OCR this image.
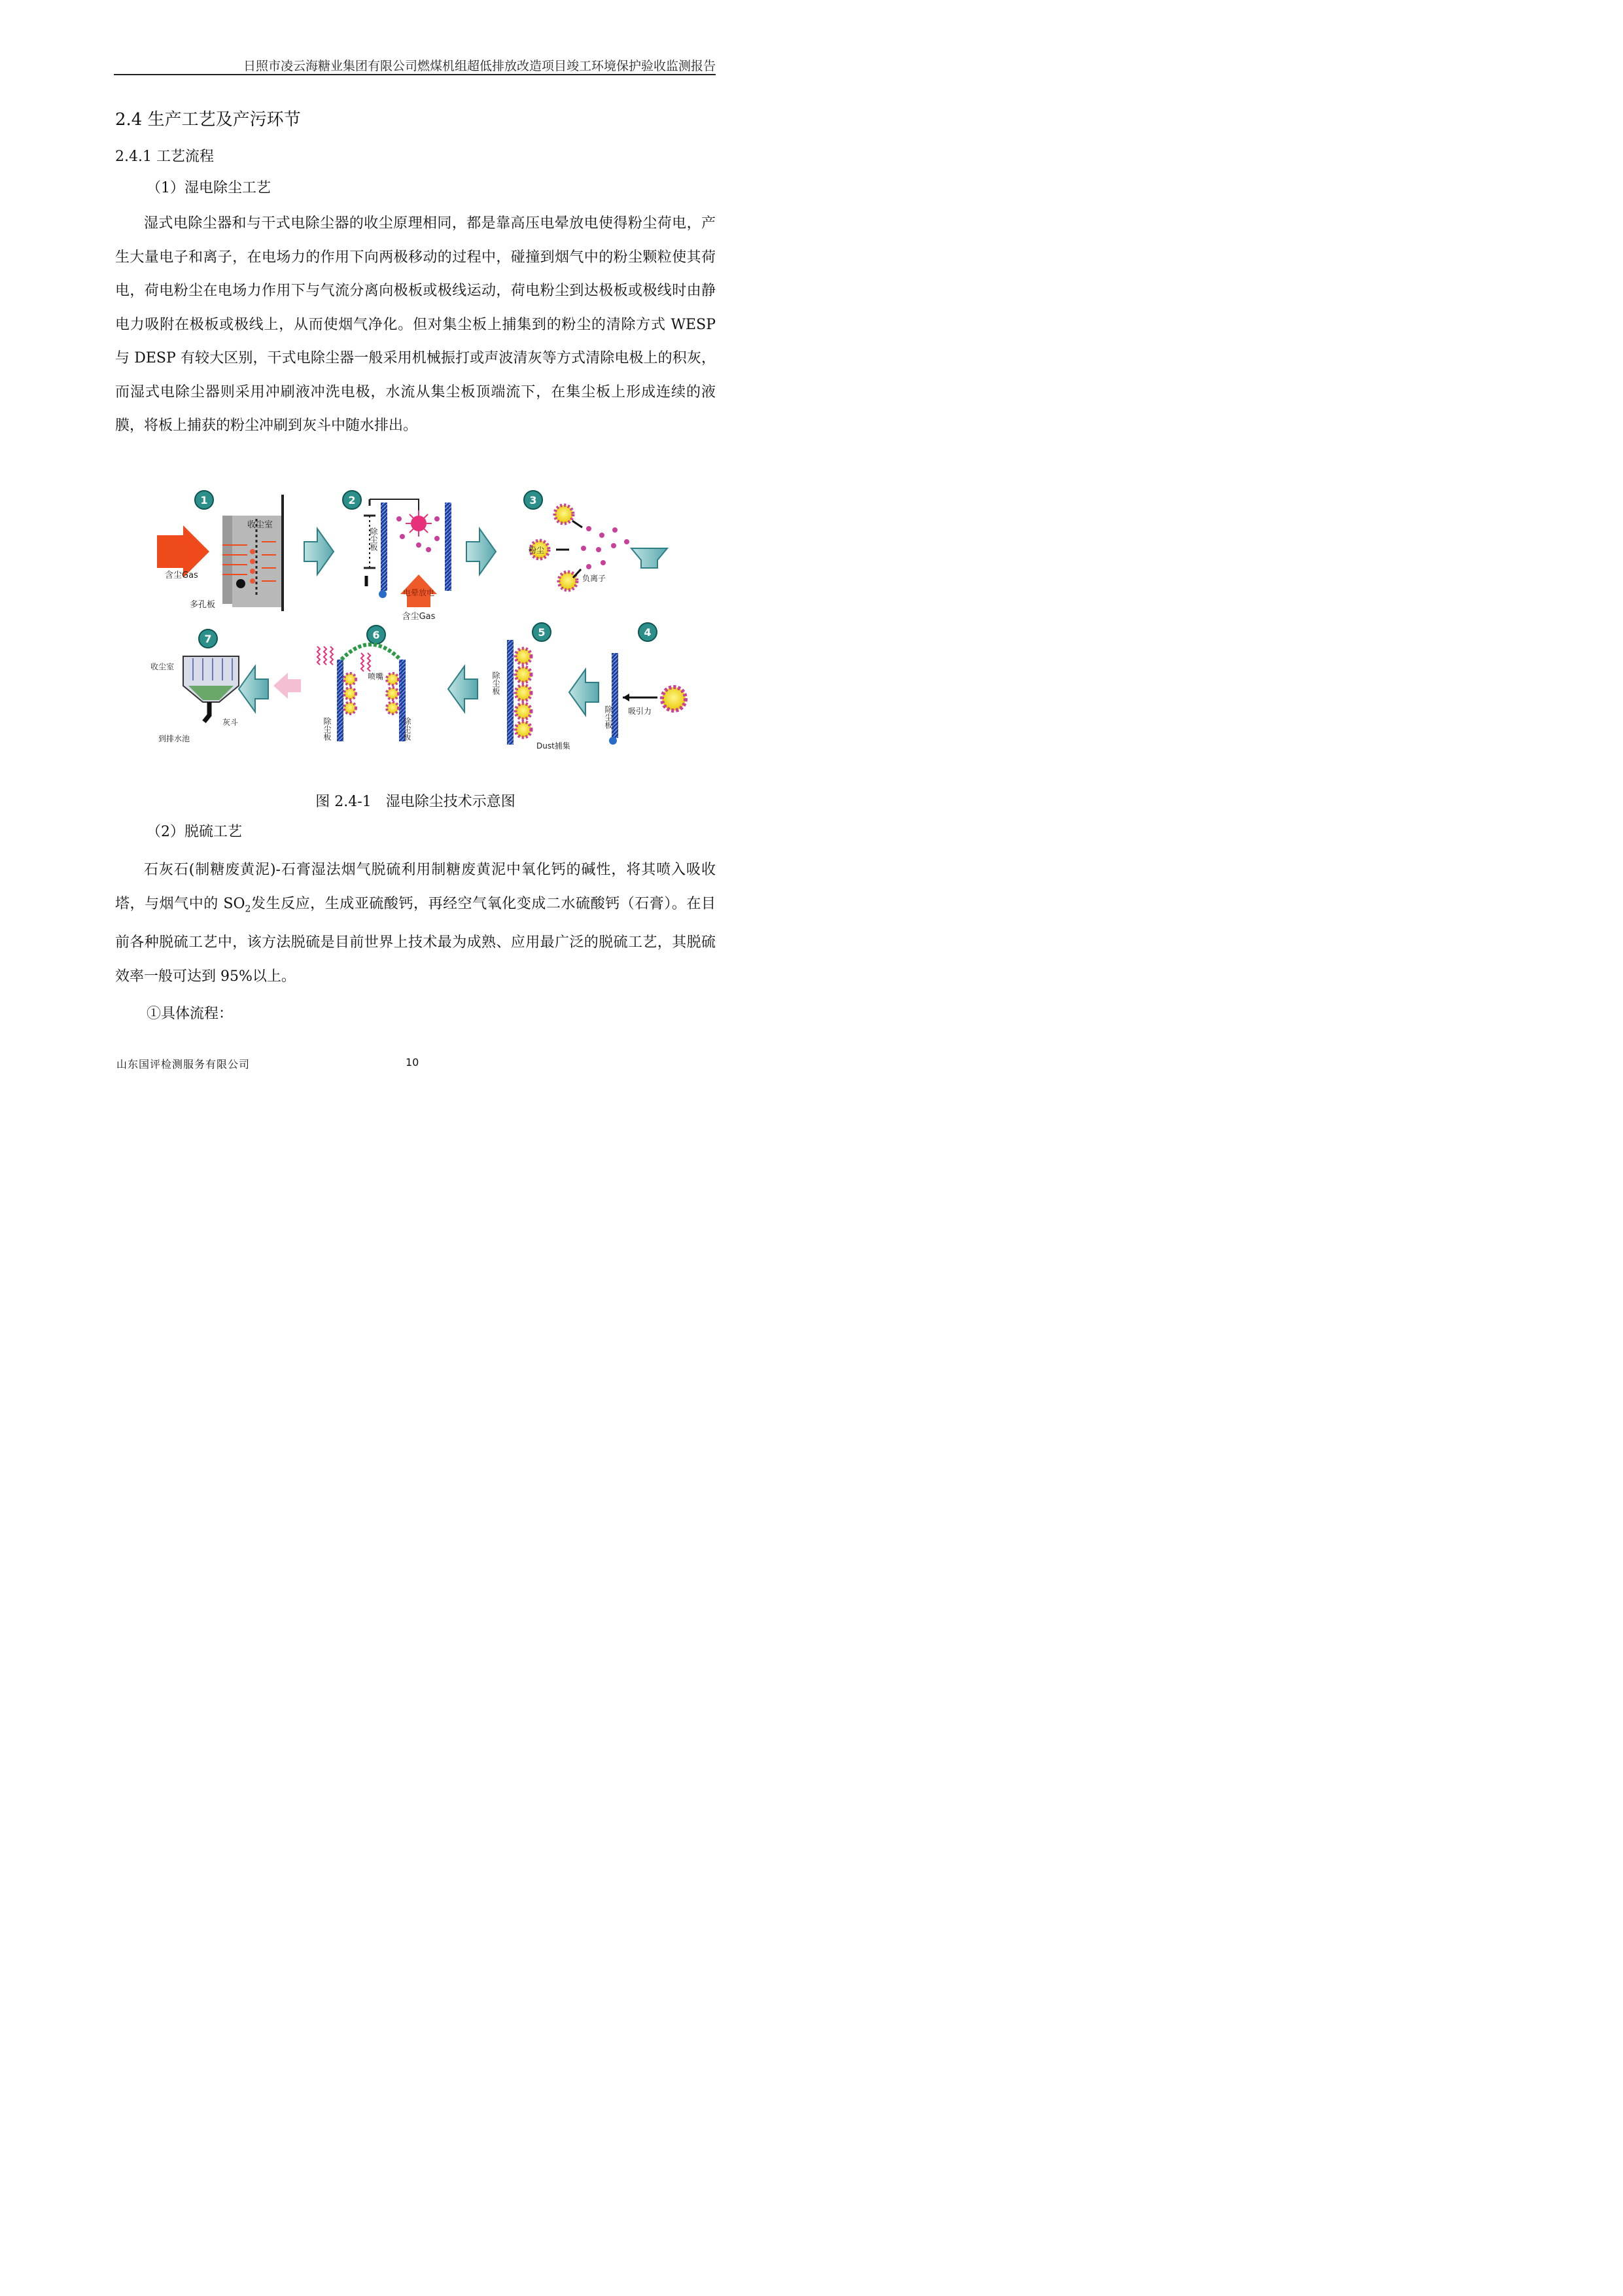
日照市凌云海糖业集团有限公司燃煤机组超低排放改造项目竣工环境保护验收监测报告
2.4 生产工艺及产污环节
2.4.1 工艺流程
（1）湿电除尘工艺

湿式电除尘器和与干式电除尘器的收尘原理相同，都是靠高压电晕放电使得粉尘荷电，产生大量电子和离子，在电场力的作用下向两极移动的过程中，碰撞到烟气中的粉尘颗粒使其荷电，荷电粉尘在电场力作用下与气流分离向极板或极线运动，荷电粉尘到达极板或极线时由静电力吸附在极板或极线上，从而使烟气净化。但对集尘板上捕集到的粉尘的清除方式 WESP 与 DESP 有较大区别，干式电除尘器一般采用机械振打或声波清灰等方式清除电极上的积灰，而湿式电除尘器则采用冲刷液冲洗电极，水流从集尘板顶端流下，在集尘板上形成连续的液膜，将板上捕获的粉尘冲刷到灰斗中随水排出。

1
收尘室
含尘Gas
多孔板
2
除尘板
电晕放电
含尘Gas
3
粉尘
负离子
4
吸引力
除尘板
5
除尘板
Dust捕集
6
喷嘴
除尘板	除尘板
7
收尘室
灰斗
到排水池
图 2.4-1　湿电除尘技术示意图
（2）脱硫工艺

石灰石(制糖废黄泥)-石膏湿法烟气脱硫利用制糖废黄泥中氧化钙的碱性，将其喷入吸收塔，与烟气中的 $SO_2$发生反应，生成亚硫酸钙，再经空气氧化变成二水硫酸钙（石膏）。在目前各种脱硫工艺中，该方法脱硫是目前世界上技术最为成熟、应用最广泛的脱硫工艺，其脱硫效率一般可达到 95%以上。

①具体流程：
山东国评检测服务有限公司	10
